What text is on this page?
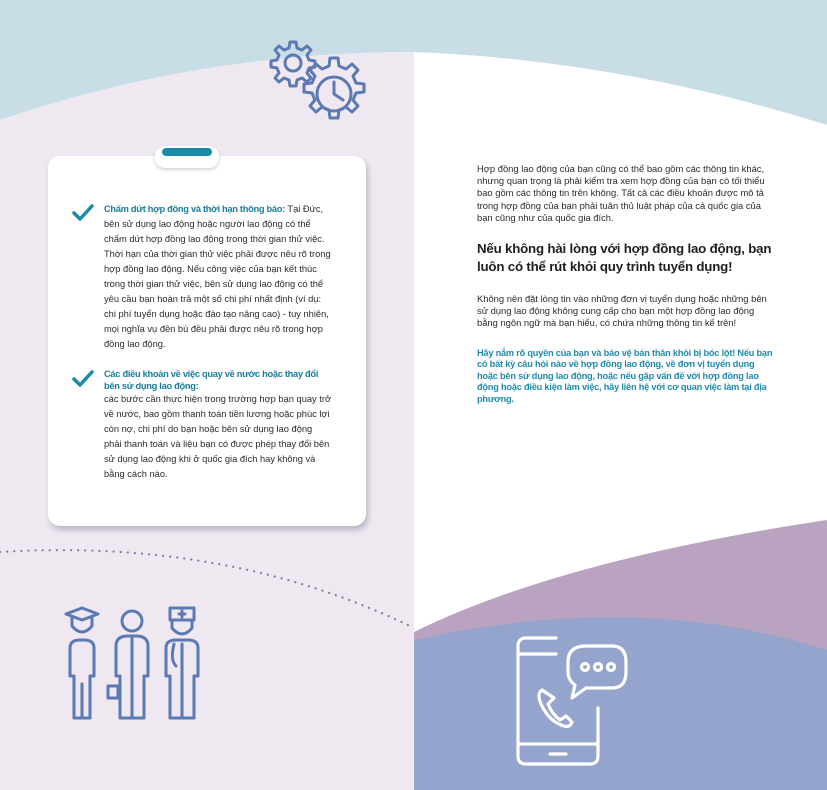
Chấm dứt hợp đồng và thời hạn thông báo: Tại Đức, bên sử dụng lao động hoặc người lao động có thể chấm dứt hợp đồng lao động trong thời gian thử việc. Thời hạn của thời gian thử việc phải được nêu rõ trong hợp đồng lao động. Nếu công việc của bạn kết thúc trong thời gian thử việc, bên sử dụng lao động có thể yêu cầu bạn hoàn trả một số chi phí nhất định (ví dụ: chi phí tuyển dụng hoặc đào tạo nâng cao) - tuy nhiên, mọi nghĩa vụ đền bù đều phải được nêu rõ trong hợp đồng lao động.
Các điều khoản về việc quay về nước hoặc thay đổi bên sử dụng lao động:
các bước cần thực hiện trong trường hợp bạn quay trở về nước, bao gồm thanh toán tiền lương hoặc phúc lợi còn nợ, chi phí do bạn hoặc bên sử dụng lao động phải thanh toán và liệu bạn có được phép thay đổi bên sử dụng lao động khi ở quốc gia đích hay không và bằng cách nào.

Hợp đồng lao động của bạn cũng có thể bao gồm các thông tin khác, nhưng quan trọng là phải kiểm tra xem hợp đồng của bạn có tối thiểu bao gồm các thông tin trên không. Tất cả các điều khoản được mô tả trong hợp đồng của bạn phải tuân thủ luật pháp của cả quốc gia của bạn cũng như của quốc gia đích.

Nếu không hài lòng với hợp đồng lao động, bạn luôn có thể rút khỏi quy trình tuyển dụng!

Không nên đặt lòng tin vào những đơn vị tuyển dụng hoặc những bên sử dụng lao động không cung cấp cho bạn một hợp đồng lao động bằng ngôn ngữ mà bạn hiểu, có chứa những thông tin kể trên!

Hãy nắm rõ quyền của bạn và bảo vệ bản thân khỏi bị bóc lột! Nếu bạn có bất kỳ câu hỏi nào về hợp đồng lao động, về đơn vị tuyển dụng hoặc bên sử dụng lao động, hoặc nếu gặp vấn đề với hợp đồng lao động hoặc điều kiện làm việc, hãy liên hệ với cơ quan việc làm tại địa phương.
